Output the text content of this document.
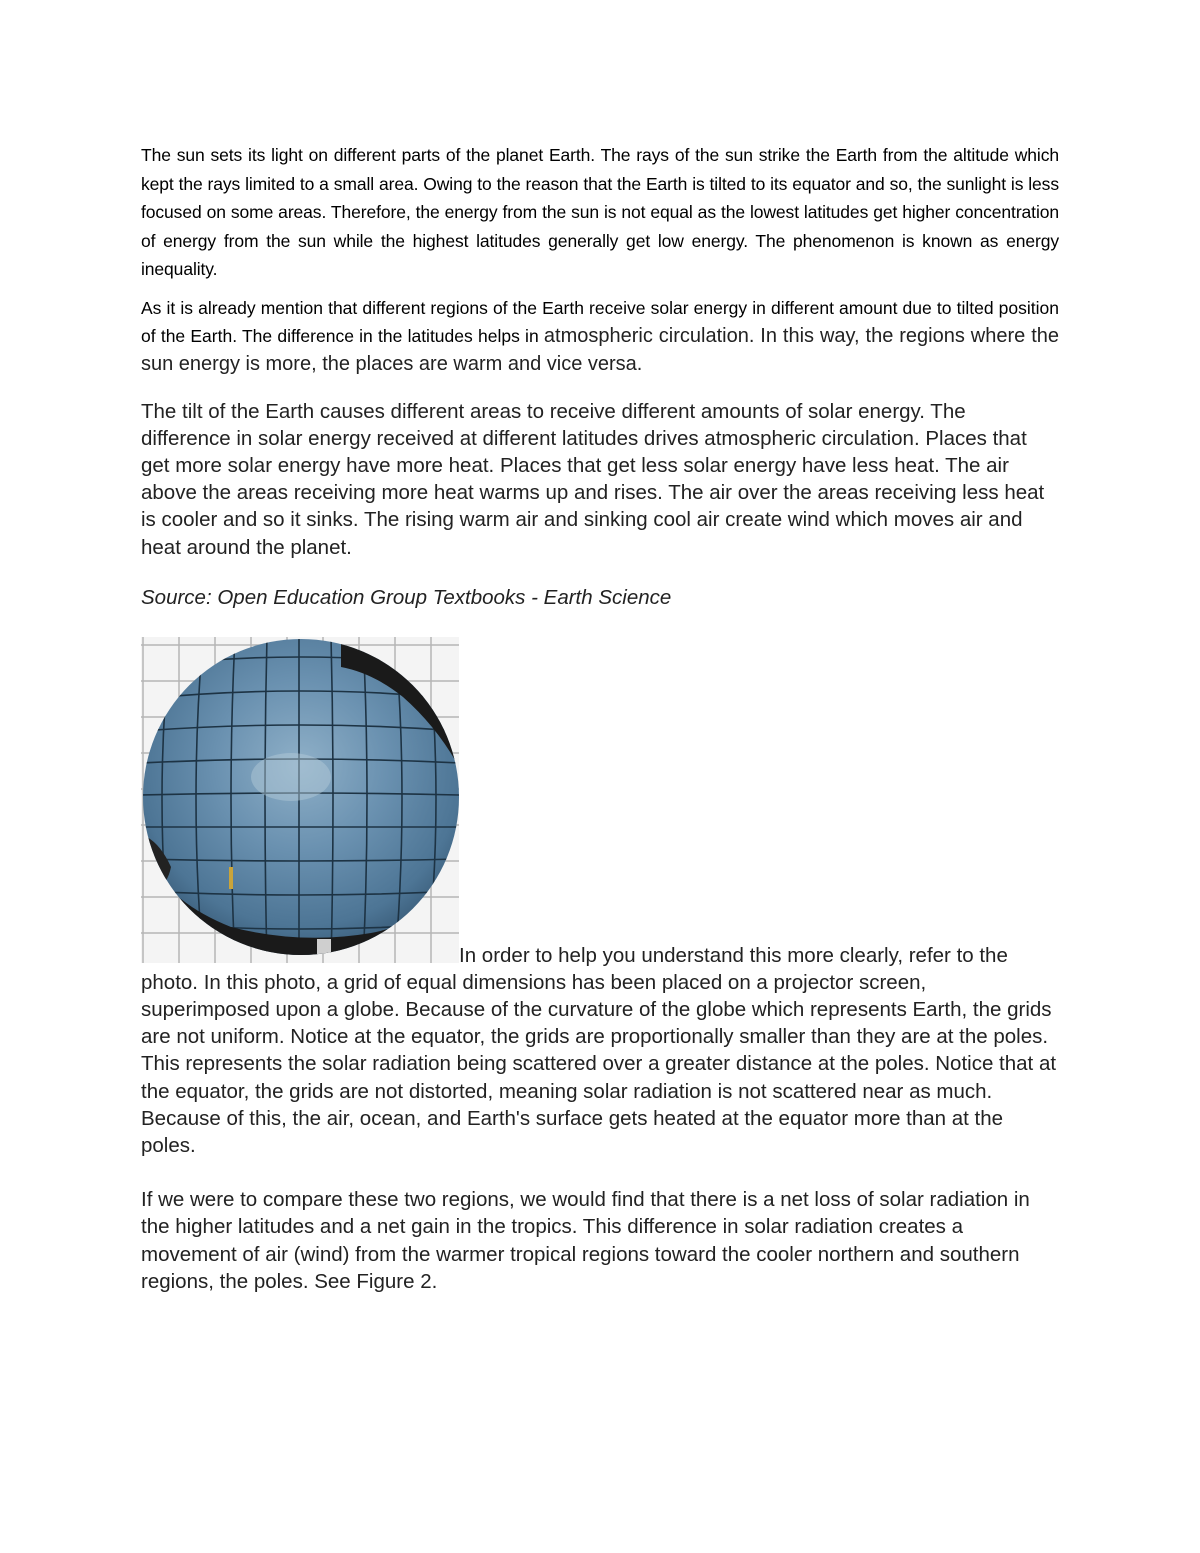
The sun sets its light on different parts of the planet Earth. The rays of the sun strike the Earth from the altitude which kept the rays limited to a small area. Owing to the reason that the Earth is tilted to its equator and so, the sunlight is less focused on some areas. Therefore, the energy from the sun is not equal as the lowest latitudes get higher concentration of energy from the sun while the highest latitudes generally get low energy. The phenomenon is known as energy inequality.

As it is already mention that different regions of the Earth receive solar energy in different amount due to tilted position of the Earth. The difference in the latitudes helps in atmospheric circulation. In this way, the regions where the sun energy is more, the places are warm and vice versa.

The tilt of the Earth causes different areas to receive different amounts of solar energy. The difference in solar energy received at different latitudes drives atmospheric circulation. Places that get more solar energy have more heat. Places that get less solar energy have less heat. The air above the areas receiving more heat warms up and rises. The air over the areas receiving less heat is cooler and so it sinks. The rising warm air and sinking cool air create wind which moves air and heat around the planet.

Source: Open Education Group Textbooks - Earth Science

In order to help you understand this more clearly, refer to the photo. In this photo, a grid of equal dimensions has been placed on a projector screen, superimposed upon a globe. Because of the curvature of the globe which represents Earth, the grids are not uniform. Notice at the equator, the grids are proportionally smaller than they are at the poles. This represents the solar radiation being scattered over a greater distance at the poles. Notice that at the equator, the grids are not distorted, meaning solar radiation is not scattered near as much. Because of this, the air, ocean, and Earth's surface gets heated at the equator more than at the poles.

If we were to compare these two regions, we would find that there is a net loss of solar radiation in the higher latitudes and a net gain in the tropics. This difference in solar radiation creates a movement of air (wind) from the warmer tropical regions toward the cooler northern and southern regions, the poles. See Figure 2.
